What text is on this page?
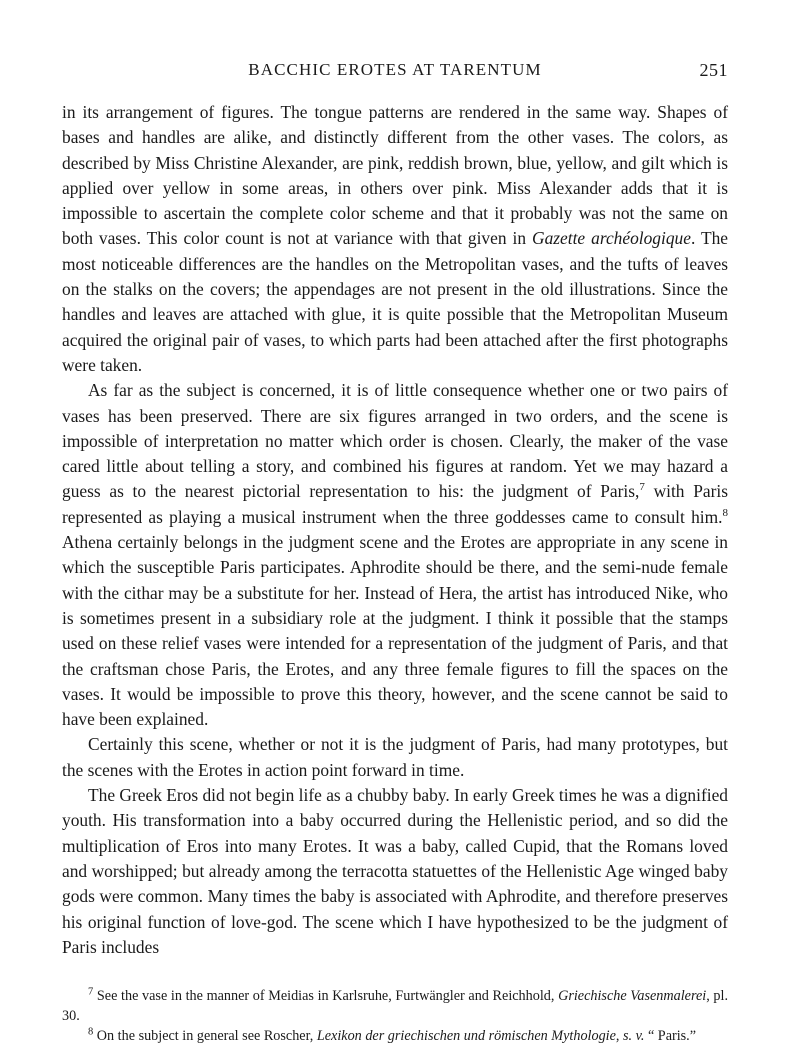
BACCHIC EROTES AT TARENTUM	251

in its arrangement of figures. The tongue patterns are rendered in the same way. Shapes of bases and handles are alike, and distinctly different from the other vases. The colors, as described by Miss Christine Alexander, are pink, reddish brown, blue, yellow, and gilt which is applied over yellow in some areas, in others over pink. Miss Alexander adds that it is impossible to ascertain the complete color scheme and that it probably was not the same on both vases. This color count is not at variance with that given in Gazette archéologique. The most noticeable differences are the handles on the Metropolitan vases, and the tufts of leaves on the stalks on the covers; the appendages are not present in the old illustrations. Since the handles and leaves are attached with glue, it is quite possible that the Metropolitan Museum acquired the original pair of vases, to which parts had been attached after the first photographs were taken.

As far as the subject is concerned, it is of little consequence whether one or two pairs of vases has been preserved. There are six figures arranged in two orders, and the scene is impossible of interpretation no matter which order is chosen. Clearly, the maker of the vase cared little about telling a story, and combined his figures at random. Yet we may hazard a guess as to the nearest pictorial representation to his: the judgment of Paris,$^7$ with Paris represented as playing a musical instrument when the three goddesses came to consult him.$^8$ Athena certainly belongs in the judgment scene and the Erotes are appropriate in any scene in which the susceptible Paris participates. Aphrodite should be there, and the semi-nude female with the cithar may be a substitute for her. Instead of Hera, the artist has introduced Nike, who is sometimes present in a subsidiary role at the judgment. I think it possible that the stamps used on these relief vases were intended for a representation of the judgment of Paris, and that the craftsman chose Paris, the Erotes, and any three female figures to fill the spaces on the vases. It would be impossible to prove this theory, however, and the scene cannot be said to have been explained.

Certainly this scene, whether or not it is the judgment of Paris, had many prototypes, but the scenes with the Erotes in action point forward in time.

The Greek Eros did not begin life as a chubby baby. In early Greek times he was a dignified youth. His transformation into a baby occurred during the Hellenistic period, and so did the multiplication of Eros into many Erotes. It was a baby, called Cupid, that the Romans loved and worshipped; but already among the terracotta statuettes of the Hellenistic Age winged baby gods were common. Many times the baby is associated with Aphrodite, and therefore preserves his original function of love-god. The scene which I have hypothesized to be the judgment of Paris includes

$^7$ See the vase in the manner of Meidias in Karlsruhe, Furtwängler and Reichhold, Griechische Vasenmalerei, pl. 30.

$^8$ On the subject in general see Roscher, Lexikon der griechischen und römischen Mythologie, s. v. “ Paris.”
